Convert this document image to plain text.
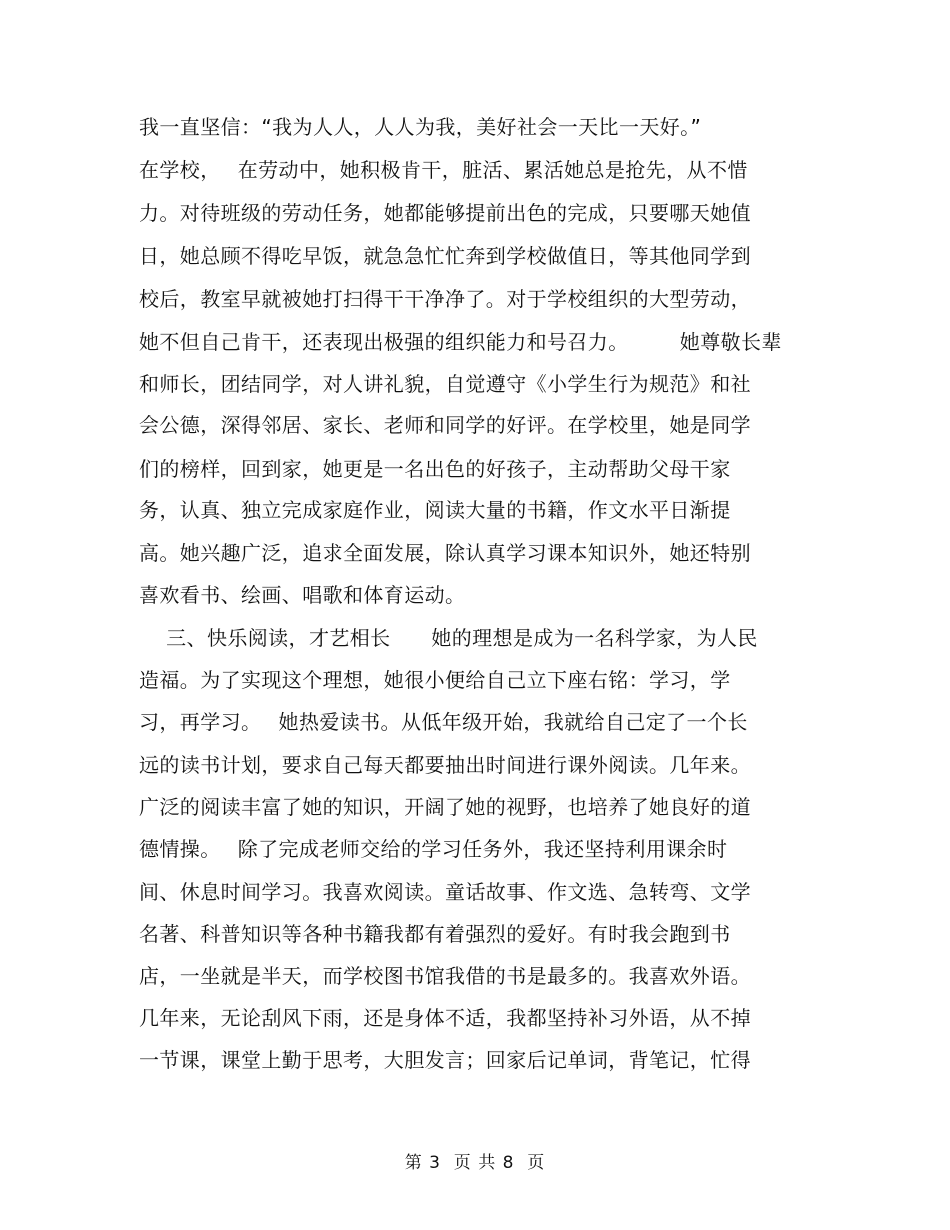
我一直坚信：“我为人人，人人为我，美好社会一天比一天好。”
在学校，　 在劳动中，她积极肯干，脏活、累活她总是抢先，从不惜
力。对待班级的劳动任务，她都能够提前出色的完成，只要哪天她值
日，她总顾不得吃早饭，就急急忙忙奔到学校做值日，等其他同学到
校后，教室早就被她打扫得干干净净了。对于学校组织的大型劳动，
她不但自己肯干，还表现出极强的组织能力和号召力。　　　她尊敬长辈
和师长，团结同学，对人讲礼貌，自觉遵守《小学生行为规范》和社
会公德，深得邻居、家长、老师和同学的好评。在学校里，她是同学
们的榜样，回到家，她更是一名出色的好孩子，主动帮助父母干家
务，认真、独立完成家庭作业，阅读大量的书籍，作文水平日渐提
高。她兴趣广泛，追求全面发展，除认真学习课本知识外，她还特别
喜欢看书、绘画、唱歌和体育运动。
　 三、快乐阅读，才艺相长　　她的理想是成为一名科学家，为人民
造福。为了实现这个理想，她很小便给自己立下座右铭：学习，学
习，再学习。　 她热爱读书。从低年级开始，我就给自己定了一个长
远的读书计划，要求自己每天都要抽出时间进行课外阅读。几年来。
广泛的阅读丰富了她的知识，开阔了她的视野，也培养了她良好的道
德情操。　 除了完成老师交给的学习任务外，我还坚持利用课余时
间、休息时间学习。我喜欢阅读。童话故事、作文选、急转弯、文学
名著、科普知识等各种书籍我都有着强烈的爱好。有时我会跑到书
店，一坐就是半天，而学校图书馆我借的书是最多的。我喜欢外语。
几年来，无论刮风下雨，还是身体不适，我都坚持补习外语，从不掉
一节课，课堂上勤于思考，大胆发言；回家后记单词，背笔记，忙得
第 3  页 共 8  页
